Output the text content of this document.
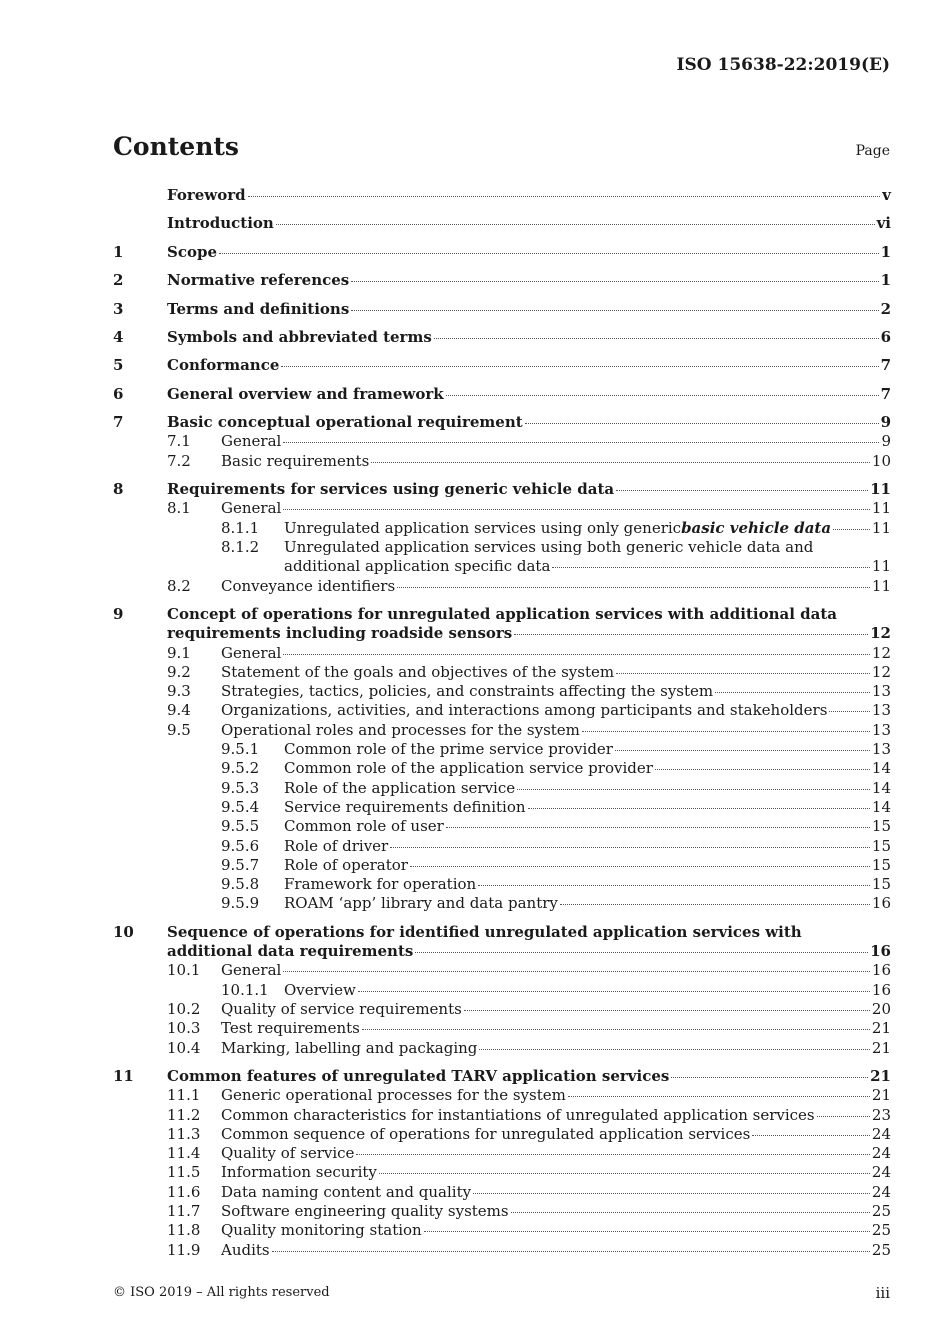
ISO 15638-22:2019(E)
Contents	Page
Foreword	v
Introduction	vi
1	Scope	1
2	Normative references	1
3	Terms and definitions	2
4	Symbols and abbreviated terms	6
5	Conformance	7
6	General overview and framework	7
7	Basic conceptual operational requirement	9
7.1	General	9
7.2	Basic requirements	10
8	Requirements for services using generic vehicle data	11
8.1	General	11
8.1.1	Unregulated application services using only generic basic vehicle data	11
8.1.2	Unregulated application services using both generic vehicle data and
additional application specific data	11
8.2	Conveyance identifiers	11
9	Concept of operations for unregulated application services with additional data
requirements including roadside sensors	12
9.1	General	12
9.2	Statement of the goals and objectives of the system	12
9.3	Strategies, tactics, policies, and constraints affecting the system	13
9.4	Organizations, activities, and interactions among participants and stakeholders	13
9.5	Operational roles and processes for the system	13
9.5.1	Common role of the prime service provider	13
9.5.2	Common role of the application service provider	14
9.5.3	Role of the application service	14
9.5.4	Service requirements definition	14
9.5.5	Common role of user	15
9.5.6	Role of driver	15
9.5.7	Role of operator	15
9.5.8	Framework for operation	15
9.5.9	ROAM ‘app’ library and data pantry	16
10	Sequence of operations for identified unregulated application services with
additional data requirements	16
10.1	General	16
10.1.1	Overview	16
10.2	Quality of service requirements	20
10.3	Test requirements	21
10.4	Marking, labelling and packaging	21
11	Common features of unregulated TARV application services	21
11.1	Generic operational processes for the system	21
11.2	Common characteristics for instantiations of unregulated application services	23
11.3	Common sequence of operations for unregulated application services	24
11.4	Quality of service	24
11.5	Information security	24
11.6	Data naming content and quality	24
11.7	Software engineering quality systems	25
11.8	Quality monitoring station	25
11.9	Audits	25
© ISO 2019 – All rights reserved	iii
